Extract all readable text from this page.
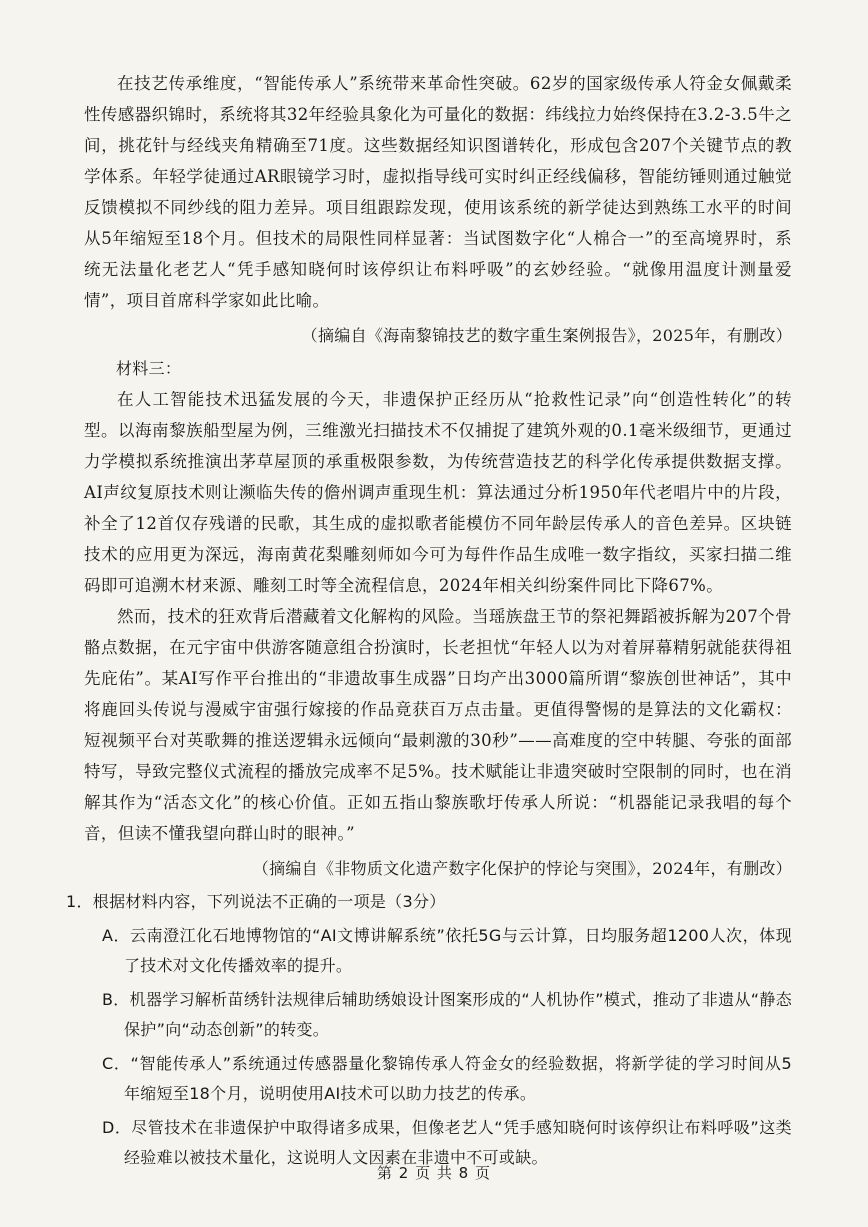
在技艺传承维度，“智能传承人”系统带来革命性突破。62岁的国家级传承人符金女佩戴柔性传感器织锦时，系统将其32年经验具象化为可量化的数据：纬线拉力始终保持在3.2-3.5牛之间，挑花针与经线夹角精确至71度。这些数据经知识图谱转化，形成包含207个关键节点的教学体系。年轻学徒通过AR眼镜学习时，虚拟指导线可实时纠正经线偏移，智能纺锤则通过触觉反馈模拟不同纱线的阻力差异。项目组跟踪发现，使用该系统的新学徒达到熟练工水平的时间从5年缩短至18个月。但技术的局限性同样显著：当试图数字化“人棉合一”的至高境界时，系统无法量化老艺人“凭手感知晓何时该停织让布料呼吸”的玄妙经验。“就像用温度计测量爱情”，项目首席科学家如此比喻。

（摘编自《海南黎锦技艺的数字重生案例报告》，2025年，有删改）

材料三：

在人工智能技术迅猛发展的今天，非遗保护正经历从“抢救性记录”向“创造性转化”的转型。以海南黎族船型屋为例，三维激光扫描技术不仅捕捉了建筑外观的0.1毫米级细节，更通过力学模拟系统推演出茅草屋顶的承重极限参数，为传统营造技艺的科学化传承提供数据支撑。AI声纹复原技术则让濒临失传的儋州调声重现生机：算法通过分析1950年代老唱片中的片段，补全了12首仅存残谱的民歌，其生成的虚拟歌者能模仿不同年龄层传承人的音色差异。区块链技术的应用更为深远，海南黄花梨雕刻师如今可为每件作品生成唯一数字指纹，买家扫描二维码即可追溯木材来源、雕刻工时等全流程信息，2024年相关纠纷案件同比下降67%。

然而，技术的狂欢背后潜藏着文化解构的风险。当瑶族盘王节的祭祀舞蹈被拆解为207个骨骼点数据，在元宇宙中供游客随意组合扮演时，长老担忧“年轻人以为对着屏幕精躬就能获得祖先庇佑”。某AI写作平台推出的“非遗故事生成器”日均产出3000篇所谓“黎族创世神话”，其中将鹿回头传说与漫威宇宙强行嫁接的作品竟获百万点击量。更值得警惕的是算法的文化霸权：短视频平台对英歌舞的推送逻辑永远倾向“最刺激的30秒”——高难度的空中转腿、夸张的面部特写，导致完整仪式流程的播放完成率不足5%。技术赋能让非遗突破时空限制的同时，也在消解其作为“活态文化”的核心价值。正如五指山黎族歌圩传承人所说：“机器能记录我唱的每个音，但读不懂我望向群山时的眼神。”

（摘编自《非物质文化遗产数字化保护的悖论与突围》，2024年，有删改）

1．根据材料内容，下列说法不正确的一项是（3分）

A．云南澄江化石地博物馆的“AI文博讲解系统”依托5G与云计算，日均服务超1200人次，体现了技术对文化传播效率的提升。

B．机器学习解析苗绣针法规律后辅助绣娘设计图案形成的“人机协作”模式，推动了非遗从“静态保护”向“动态创新”的转变。

C．“智能传承人”系统通过传感器量化黎锦传承人符金女的经验数据，将新学徒的学习时间从5年缩短至18个月，说明使用AI技术可以助力技艺的传承。

D．尽管技术在非遗保护中取得诸多成果，但像老艺人“凭手感知晓何时该停织让布料呼吸”这类经验难以被技术量化，这说明人文因素在非遗中不可或缺。

第 2 页 共 8 页
